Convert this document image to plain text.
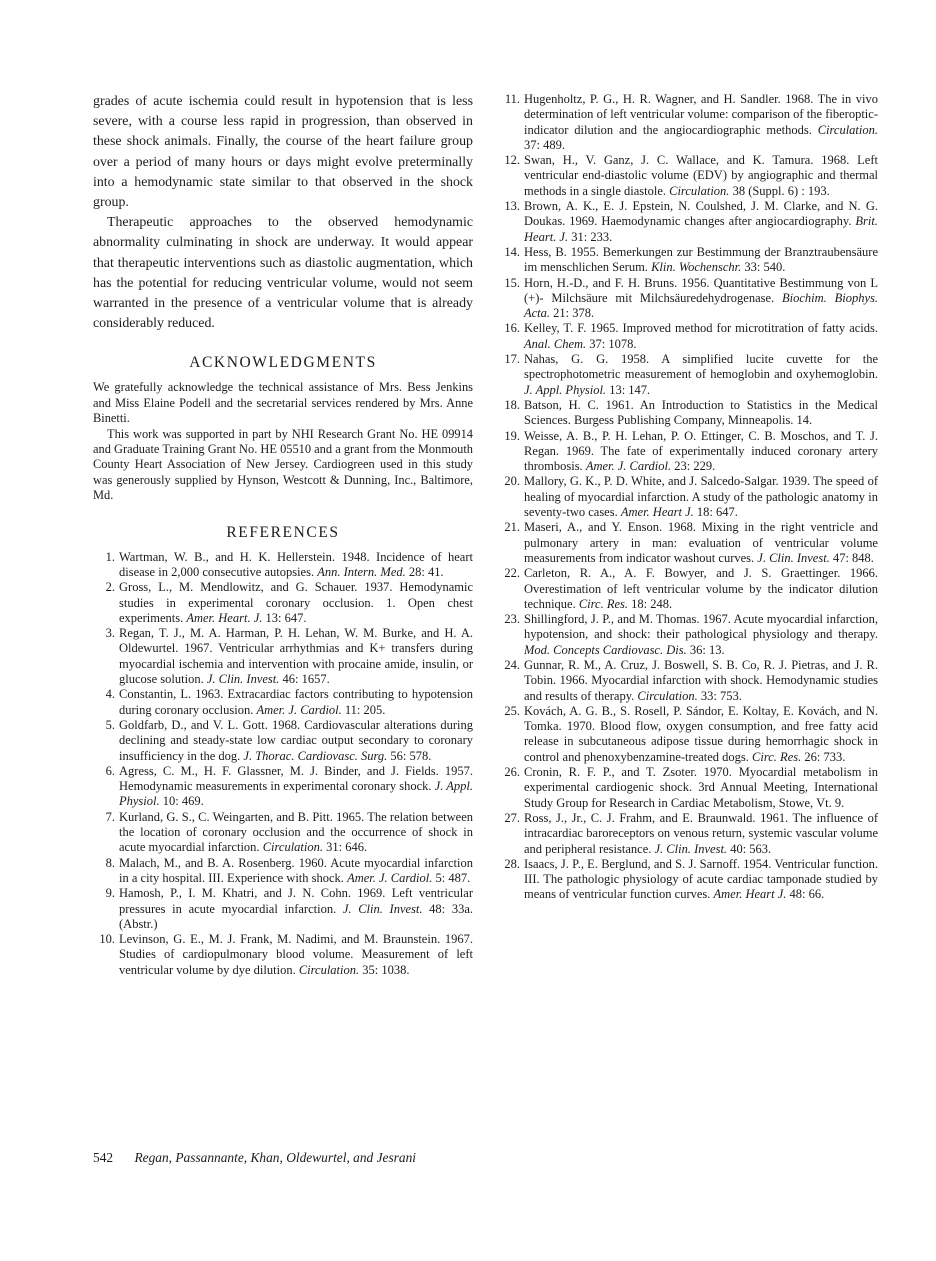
grades of acute ischemia could result in hypotension that is less severe, with a course less rapid in progression, than observed in these shock animals. Finally, the course of the heart failure group over a period of many hours or days might evolve preterminally into a hemodynamic state similar to that observed in the shock group.

Therapeutic approaches to the observed hemodynamic abnormality culminating in shock are underway. It would appear that therapeutic interventions such as diastolic augmentation, which has the potential for reducing ventricular volume, would not seem warranted in the presence of a ventricular volume that is already considerably reduced.

ACKNOWLEDGMENTS

We gratefully acknowledge the technical assistance of Mrs. Bess Jenkins and Miss Elaine Podell and the secretarial services rendered by Mrs. Anne Binetti.

This work was supported in part by NHI Research Grant No. HE 09914 and Graduate Training Grant No. HE 05510 and a grant from the Monmouth County Heart Association of New Jersey. Cardiogreen used in this study was generously supplied by Hynson, Westcott & Dunning, Inc., Baltimore, Md.

REFERENCES
1. Wartman, W. B., and H. K. Hellerstein. 1948. Incidence of heart disease in 2,000 consecutive autopsies. Ann. Intern. Med. 28: 41.
2. Gross, L., M. Mendlowitz, and G. Schauer. 1937. Hemodynamic studies in experimental coronary occlusion. 1. Open chest experiments. Amer. Heart. J. 13: 647.
3. Regan, T. J., M. A. Harman, P. H. Lehan, W. M. Burke, and H. A. Oldewurtel. 1967. Ventricular arrhythmias and K+ transfers during myocardial ischemia and intervention with procaine amide, insulin, or glucose solution. J. Clin. Invest. 46: 1657.
4. Constantin, L. 1963. Extracardiac factors contributing to hypotension during coronary occlusion. Amer. J. Cardiol. 11: 205.
5. Goldfarb, D., and V. L. Gott. 1968. Cardiovascular alterations during declining and steady-state low cardiac output secondary to coronary insufficiency in the dog. J. Thorac. Cardiovasc. Surg. 56: 578.
6. Agress, C. M., H. F. Glassner, M. J. Binder, and J. Fields. 1957. Hemodynamic measurements in experimental coronary shock. J. Appl. Physiol. 10: 469.
7. Kurland, G. S., C. Weingarten, and B. Pitt. 1965. The relation between the location of coronary occlusion and the occurrence of shock in acute myocardial infarction. Circulation. 31: 646.
8. Malach, M., and B. A. Rosenberg. 1960. Acute myocardial infarction in a city hospital. III. Experience with shock. Amer. J. Cardiol. 5: 487.
9. Hamosh, P., I. M. Khatri, and J. N. Cohn. 1969. Left ventricular pressures in acute myocardial infarction. J. Clin. Invest. 48: 33a. (Abstr.)
10. Levinson, G. E., M. J. Frank, M. Nadimi, and M. Braunstein. 1967. Studies of cardiopulmonary blood volume. Measurement of left ventricular volume by dye dilution. Circulation. 35: 1038.
11. Hugenholtz, P. G., H. R. Wagner, and H. Sandler. 1968. The in vivo determination of left ventricular volume: comparison of the fiberoptic-indicator dilution and the angiocardiographic methods. Circulation. 37: 489.
12. Swan, H., V. Ganz, J. C. Wallace, and K. Tamura. 1968. Left ventricular end-diastolic volume (EDV) by angiographic and thermal methods in a single diastole. Circulation. 38 (Suppl. 6) : 193.
13. Brown, A. K., E. J. Epstein, N. Coulshed, J. M. Clarke, and N. G. Doukas. 1969. Haemodynamic changes after angiocardiography. Brit. Heart. J. 31: 233.
14. Hess, B. 1955. Bemerkungen zur Bestimmung der Branztraubensäure im menschlichen Serum. Klin. Wochenschr. 33: 540.
15. Horn, H.-D., and F. H. Bruns. 1956. Quantitative Bestimmung von L (+)- Milchsäure mit Milchsäuredehydrogenase. Biochim. Biophys. Acta. 21: 378.
16. Kelley, T. F. 1965. Improved method for microtitration of fatty acids. Anal. Chem. 37: 1078.
17. Nahas, G. G. 1958. A simplified lucite cuvette for the spectrophotometric measurement of hemoglobin and oxyhemoglobin. J. Appl. Physiol. 13: 147.
18. Batson, H. C. 1961. An Introduction to Statistics in the Medical Sciences. Burgess Publishing Company, Minneapolis. 14.
19. Weisse, A. B., P. H. Lehan, P. O. Ettinger, C. B. Moschos, and T. J. Regan. 1969. The fate of experimentally induced coronary artery thrombosis. Amer. J. Cardiol. 23: 229.
20. Mallory, G. K., P. D. White, and J. Salcedo-Salgar. 1939. The speed of healing of myocardial infarction. A study of the pathologic anatomy in seventy-two cases. Amer. Heart J. 18: 647.
21. Maseri, A., and Y. Enson. 1968. Mixing in the right ventricle and pulmonary artery in man: evaluation of ventricular volume measurements from indicator washout curves. J. Clin. Invest. 47: 848.
22. Carleton, R. A., A. F. Bowyer, and J. S. Graettinger. 1966. Overestimation of left ventricular volume by the indicator dilution technique. Circ. Res. 18: 248.
23. Shillingford, J. P., and M. Thomas. 1967. Acute myocardial infarction, hypotension, and shock: their pathological physiology and therapy. Mod. Concepts Cardiovasc. Dis. 36: 13.
24. Gunnar, R. M., A. Cruz, J. Boswell, S. B. Co, R. J. Pietras, and J. R. Tobin. 1966. Myocardial infarction with shock. Hemodynamic studies and results of therapy. Circulation. 33: 753.
25. Kovách, A. G. B., S. Rosell, P. Sándor, E. Koltay, E. Kovách, and N. Tomka. 1970. Blood flow, oxygen consumption, and free fatty acid release in subcutaneous adipose tissue during hemorrhagic shock in control and phenoxybenzamine-treated dogs. Circ. Res. 26: 733.
26. Cronin, R. F. P., and T. Zsoter. 1970. Myocardial metabolism in experimental cardiogenic shock. 3rd Annual Meeting, International Study Group for Research in Cardiac Metabolism, Stowe, Vt. 9.
27. Ross, J., Jr., C. J. Frahm, and E. Braunwald. 1961. The influence of intracardiac baroreceptors on venous return, systemic vascular volume and peripheral resistance. J. Clin. Invest. 40: 563.
28. Isaacs, J. P., E. Berglund, and S. J. Sarnoff. 1954. Ventricular function. III. The pathologic physiology of acute cardiac tamponade studied by means of ventricular function curves. Amer. Heart J. 48: 66.
542 Regan, Passannante, Khan, Oldewurtel, and Jesrani
